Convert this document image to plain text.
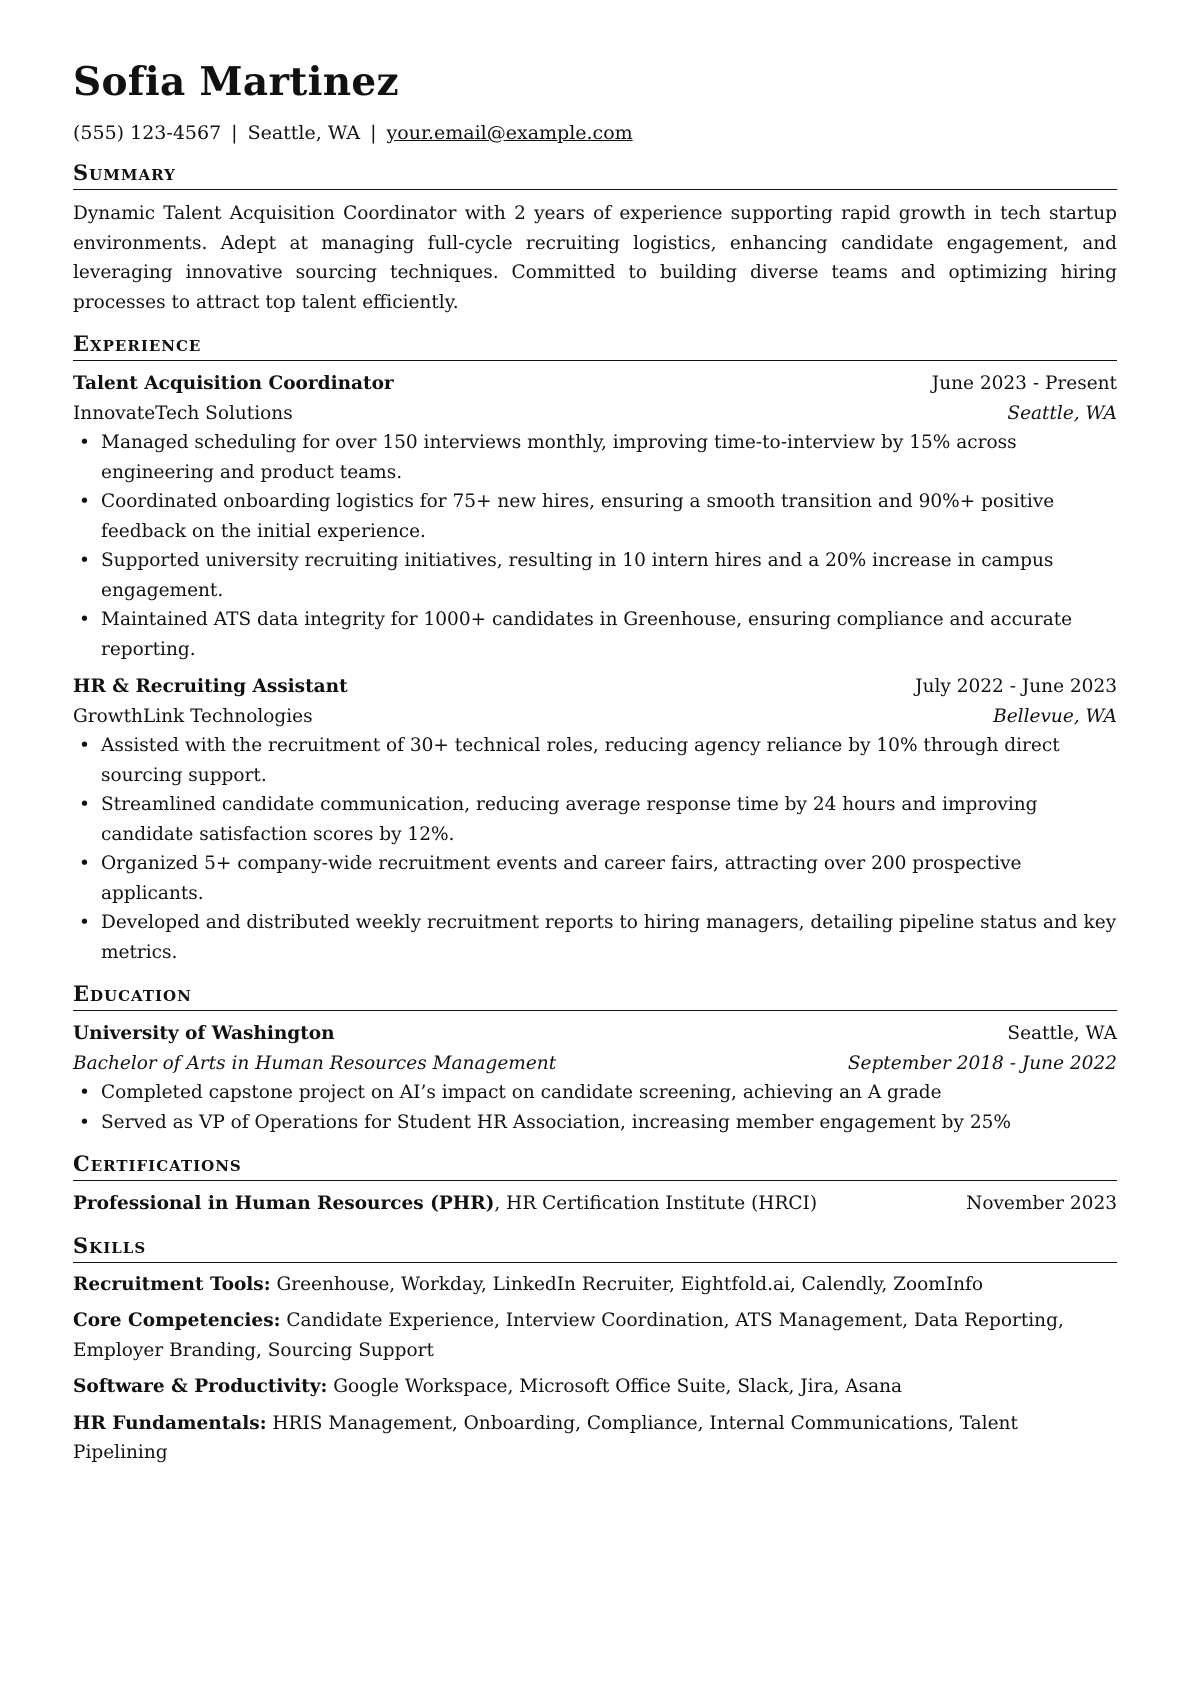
Sofia Martinez
(555) 123-4567 | Seattle, WA | your.email@example.com
Summary
Dynamic Talent Acquisition Coordinator with 2 years of experience supporting rapid growth in tech startup environments. Adept at managing full-cycle recruiting logistics, enhancing candidate engagement, and leveraging innovative sourcing techniques. Committed to building diverse teams and optimizing hiring processes to attract top talent efficiently.
Experience
Talent Acquisition Coordinator	June 2023 - Present
InnovateTech Solutions	Seattle, WA
• Managed scheduling for over 150 interviews monthly, improving time-to-interview by 15% across engineering and product teams.
• Coordinated onboarding logistics for 75+ new hires, ensuring a smooth transition and 90%+ positive feedback on the initial experience.
• Supported university recruiting initiatives, resulting in 10 intern hires and a 20% increase in campus engagement.
• Maintained ATS data integrity for 1000+ candidates in Greenhouse, ensuring compliance and accurate reporting.
HR & Recruiting Assistant	July 2022 - June 2023
GrowthLink Technologies	Bellevue, WA
• Assisted with the recruitment of 30+ technical roles, reducing agency reliance by 10% through direct sourcing support.
• Streamlined candidate communication, reducing average response time by 24 hours and improving candidate satisfaction scores by 12%.
• Organized 5+ company-wide recruitment events and career fairs, attracting over 200 prospective applicants.
• Developed and distributed weekly recruitment reports to hiring managers, detailing pipeline status and key metrics.
Education
University of Washington	Seattle, WA
Bachelor of Arts in Human Resources Management	September 2018 - June 2022
• Completed capstone project on AI’s impact on candidate screening, achieving an A grade
• Served as VP of Operations for Student HR Association, increasing member engagement by 25%
Certifications
Professional in Human Resources (PHR), HR Certification Institute (HRCI)	November 2023
Skills
Recruitment Tools: Greenhouse, Workday, LinkedIn Recruiter, Eightfold.ai, Calendly, ZoomInfo
Core Competencies: Candidate Experience, Interview Coordination, ATS Management, Data Reporting, Employer Branding, Sourcing Support
Software & Productivity: Google Workspace, Microsoft Office Suite, Slack, Jira, Asana
HR Fundamentals: HRIS Management, Onboarding, Compliance, Internal Communications, Talent Pipelining
